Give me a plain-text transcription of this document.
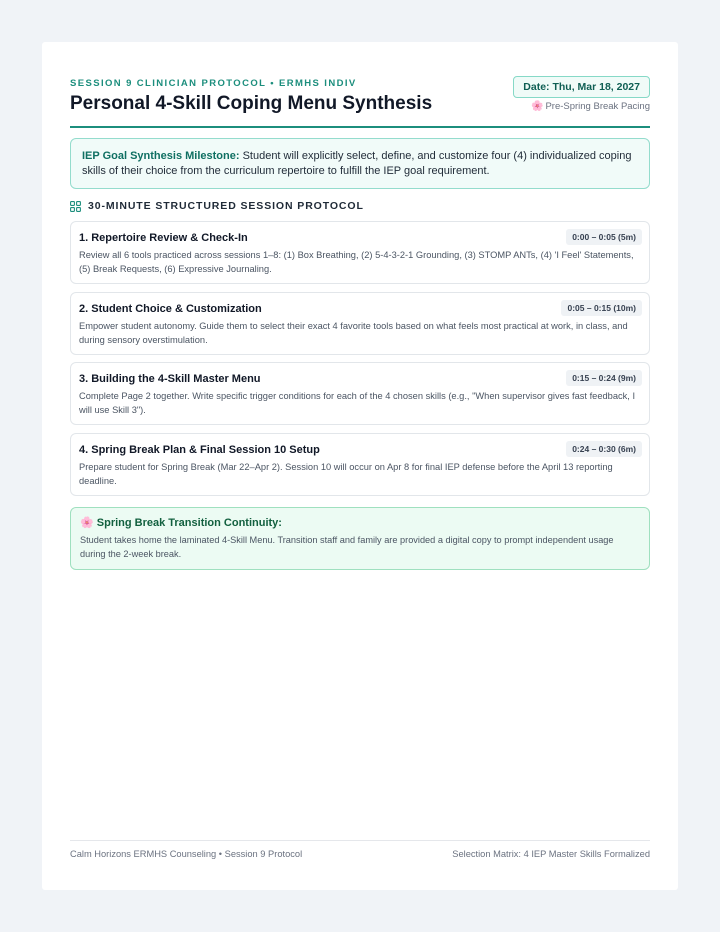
SESSION 9 CLINICIAN PROTOCOL • ERMHS INDIV
Personal 4-Skill Coping Menu Synthesis
Date: Thu, Mar 18, 2027
🌸 Pre-Spring Break Pacing
IEP Goal Synthesis Milestone: Student will explicitly select, define, and customize four (4) individualized coping skills of their choice from the curriculum repertoire to fulfill the IEP goal requirement.
30-MINUTE STRUCTURED SESSION PROTOCOL
1. Repertoire Review & Check-In	0:00 – 0:05 (5m)
Review all 6 tools practiced across sessions 1–8: (1) Box Breathing, (2) 5-4-3-2-1 Grounding, (3) STOMP ANTs, (4) 'I Feel' Statements, (5) Break Requests, (6) Expressive Journaling.
2. Student Choice & Customization	0:05 – 0:15 (10m)
Empower student autonomy. Guide them to select their exact 4 favorite tools based on what feels most practical at work, in class, and during sensory overstimulation.
3. Building the 4-Skill Master Menu	0:15 – 0:24 (9m)
Complete Page 2 together. Write specific trigger conditions for each of the 4 chosen skills (e.g., "When supervisor gives fast feedback, I will use Skill 3").
4. Spring Break Plan & Final Session 10 Setup	0:24 – 0:30 (6m)
Prepare student for Spring Break (Mar 22–Apr 2). Session 10 will occur on Apr 8 for final IEP defense before the April 13 reporting deadline.
🌸 Spring Break Transition Continuity:
Student takes home the laminated 4-Skill Menu. Transition staff and family are provided a digital copy to prompt independent usage during the 2-week break.
Calm Horizons ERMHS Counseling • Session 9 Protocol	Selection Matrix: 4 IEP Master Skills Formalized
